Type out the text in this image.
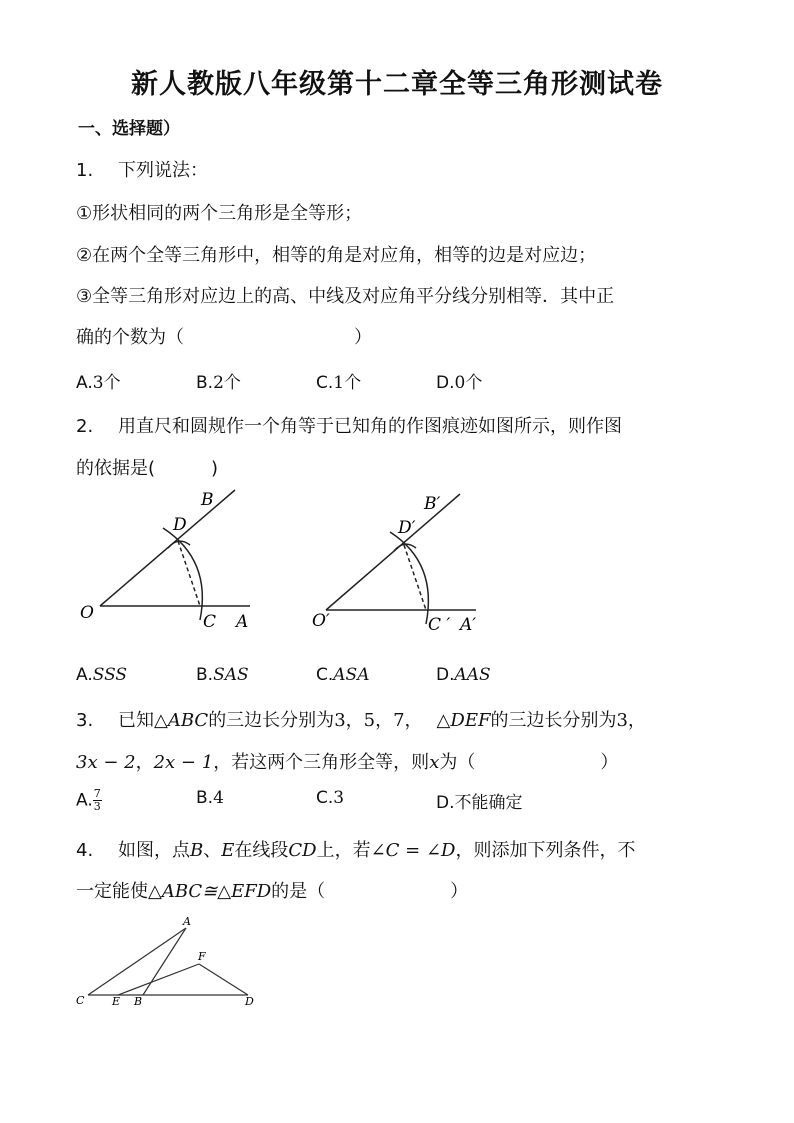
新人教版八年级第十二章全等三角形测试卷
一、选择题）
1. 下列说法：
①形状相同的两个三角形是全等形；
②在两个全等三角形中，相等的角是对应角，相等的边是对应边；
③全等三角形对应边上的高、中线及对应角平分线分别相等．其中正
确的个数为（	）
A.3个	B.2个	C.1个	D.0个
2. 用直尺和圆规作一个角等于已知角的作图痕迹如图所示，则作图
的依据是(	)
O	A
B
C
D
O′	A′
B′
C ′
D′
A.SSS	B.SAS	C.ASA	D.AAS
3. 已知△ABC的三边长分别为3，5，7， △DEF的三边长分别为3，
3x − 2，2x − 1，若这两个三角形全等，则x为（	）
A. $\frac{7}{3}$	B.4	C.3	D.不能确定
4. 如图，点B、E在线段CD上，若∠C = ∠D，则添加下列条件，不
一定能使△ABC≅△EFD的是（	）
A
F
C	E B	D
